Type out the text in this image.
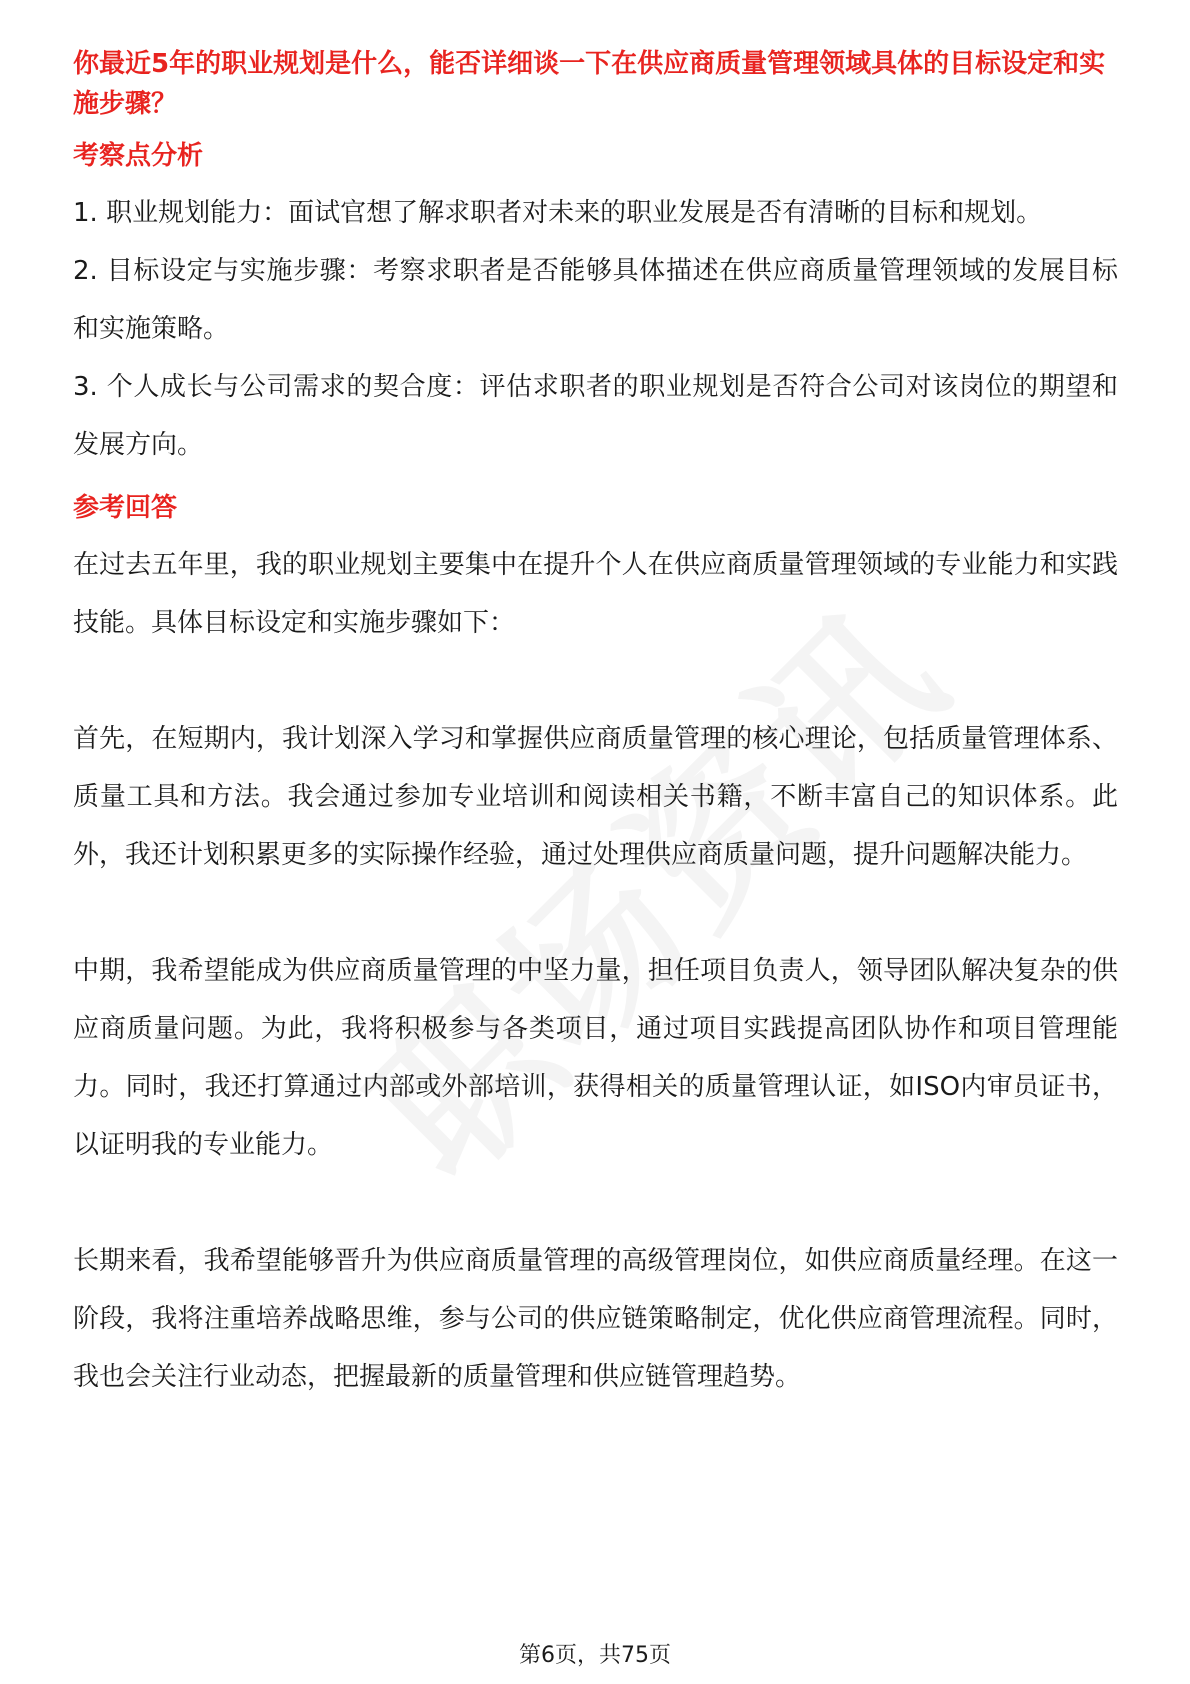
你最近5年的职业规划是什么，能否详细谈一下在供应商质量管理领域具体的目标设定和实施步骤？

考察点分析

1. 职业规划能力：面试官想了解求职者对未来的职业发展是否有清晰的目标和规划。

2. 目标设定与实施步骤：考察求职者是否能够具体描述在供应商质量管理领域的发展目标和实施策略。

3. 个人成长与公司需求的契合度：评估求职者的职业规划是否符合公司对该岗位的期望和发展方向。

参考回答

在过去五年里，我的职业规划主要集中在提升个人在供应商质量管理领域的专业能力和实践技能。具体目标设定和实施步骤如下：

首先，在短期内，我计划深入学习和掌握供应商质量管理的核心理论，包括质量管理体系、质量工具和方法。我会通过参加专业培训和阅读相关书籍，不断丰富自己的知识体系。此外，我还计划积累更多的实际操作经验，通过处理供应商质量问题，提升问题解决能力。

中期，我希望能成为供应商质量管理的中坚力量，担任项目负责人，领导团队解决复杂的供应商质量问题。为此，我将积极参与各类项目，通过项目实践提高团队协作和项目管理能力。同时，我还打算通过内部或外部培训，获得相关的质量管理认证，如ISO内审员证书，以证明我的专业能力。

长期来看，我希望能够晋升为供应商质量管理的高级管理岗位，如供应商质量经理。在这一阶段，我将注重培养战略思维，参与公司的供应链策略制定，优化供应商管理流程。同时，我也会关注行业动态，把握最新的质量管理和供应链管理趋势。

第6页，共75页
